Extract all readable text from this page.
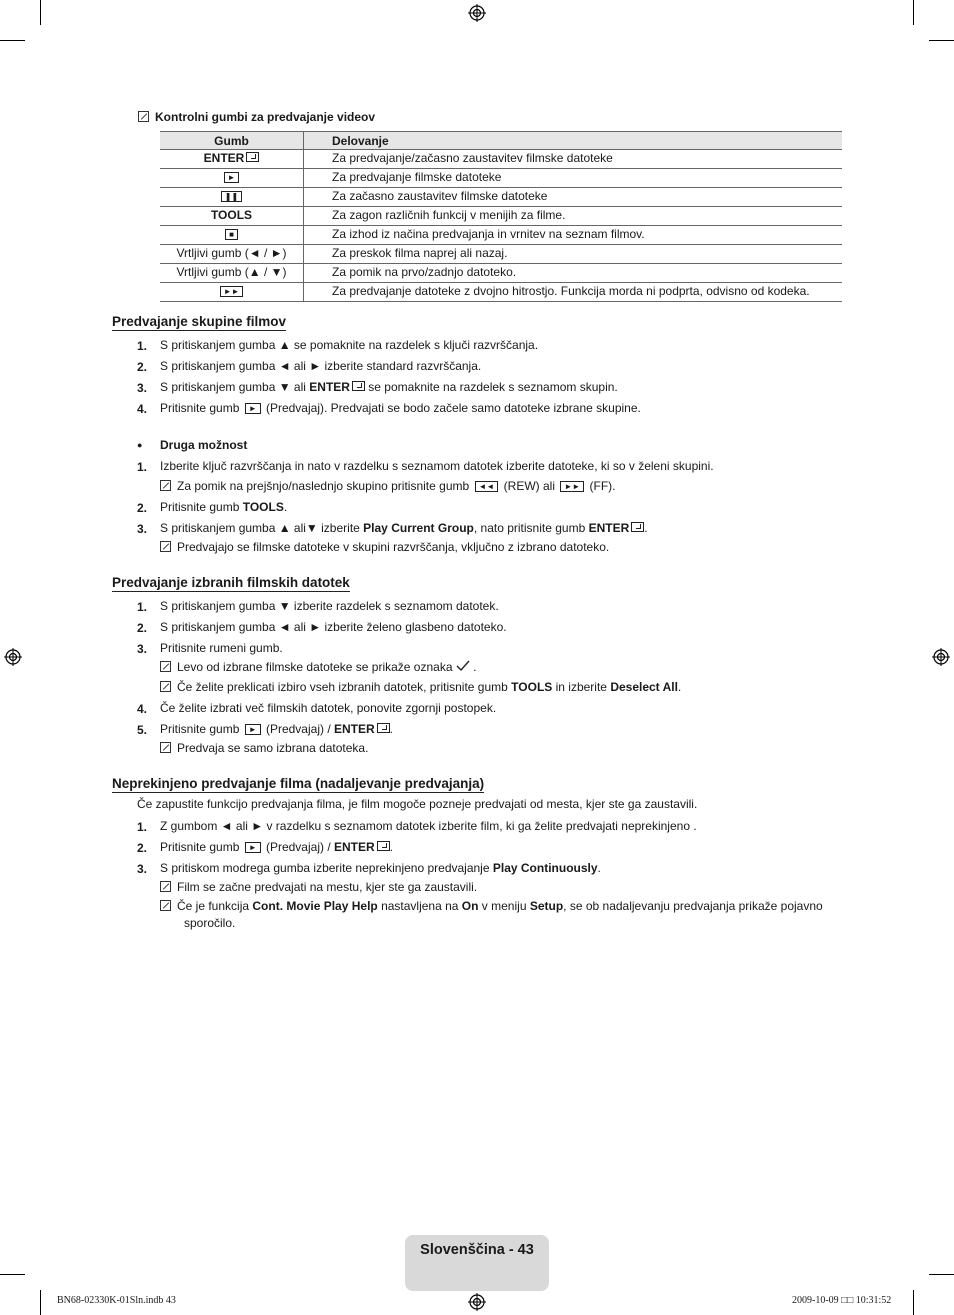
Kontrolni gumbi za predvajanje videov
Gumb	Delovanje
ENTER	Za predvajanje/začasno zaustavitev filmske datoteke
►	Za predvajanje filmske datoteke
❚❚	Za začasno zaustavitev filmske datoteke
TOOLS	Za zagon različnih funkcij v menijih za filme.
■	Za izhod iz načina predvajanja in vrnitev na seznam filmov.
Vrtljivi gumb (◄ / ►)	Za preskok filma naprej ali nazaj.
Vrtljivi gumb (▲ / ▼)	Za pomik na prvo/zadnjo datoteko.
►►	Za predvajanje datoteke z dvojno hitrostjo. Funkcija morda ni podprta, odvisno od kodeka.
Predvajanje skupine filmov
1.	S pritiskanjem gumba ▲ se pomaknite na razdelek s ključi razvrščanja.
2.	S pritiskanjem gumba ◄ ali ► izberite standard razvrščanja.
3.	S pritiskanjem gumba ▼ ali ENTER se pomaknite na razdelek s seznamom skupin.
4.	Pritisnite gumb ► (Predvajaj). Predvajati se bodo začele samo datoteke izbrane skupine.
● Druga možnost
1.	Izberite ključ razvrščanja in nato v razdelku s seznamom datotek izberite datoteke, ki so v želeni skupini.
Za pomik na prejšnjo/naslednjo skupino pritisnite gumb ◄◄ (REW) ali ►► (FF).
2.	Pritisnite gumb TOOLS.
3.	S pritiskanjem gumba ▲ ali▼ izberite Play Current Group, nato pritisnite gumb ENTER .
Predvajajo se filmske datoteke v skupini razvrščanja, vključno z izbrano datoteko.
Predvajanje izbranih filmskih datotek
1.	S pritiskanjem gumba ▼ izberite razdelek s seznamom datotek.
2.	S pritiskanjem gumba ◄ ali ► izberite želeno glasbeno datoteko.
3.	Pritisnite rumeni gumb.
Levo od izbrane filmske datoteke se prikaže oznaka  .
Če želite preklicati izbiro vseh izbranih datotek, pritisnite gumb TOOLS in izberite Deselect All.
4.	Če želite izbrati več filmskih datotek, ponovite zgornji postopek.
5.	Pritisnite gumb ► (Predvajaj) / ENTER .
Predvaja se samo izbrana datoteka.
Neprekinjeno predvajanje filma (nadaljevanje predvajanja)
Če zapustite funkcijo predvajanja filma, je film mogoče pozneje predvajati od mesta, kjer ste ga zaustavili.
1.	Z gumbom ◄ ali ► v razdelku s seznamom datotek izberite film, ki ga želite predvajati neprekinjeno .
2.	Pritisnite gumb ► (Predvajaj) / ENTER .
3.	S pritiskom modrega gumba izberite neprekinjeno predvajanje Play Continuously.
Film se začne predvajati na mestu, kjer ste ga zaustavili.
Če je funkcija Cont. Movie Play Help nastavljena na On v meniju Setup, se ob nadaljevanju predvajanja prikaže pojavno
sporočilo.
Slovenščina - 43
BN68-02330K-01Sln.indb 43	2009-10-09 □□ 10:31:52
